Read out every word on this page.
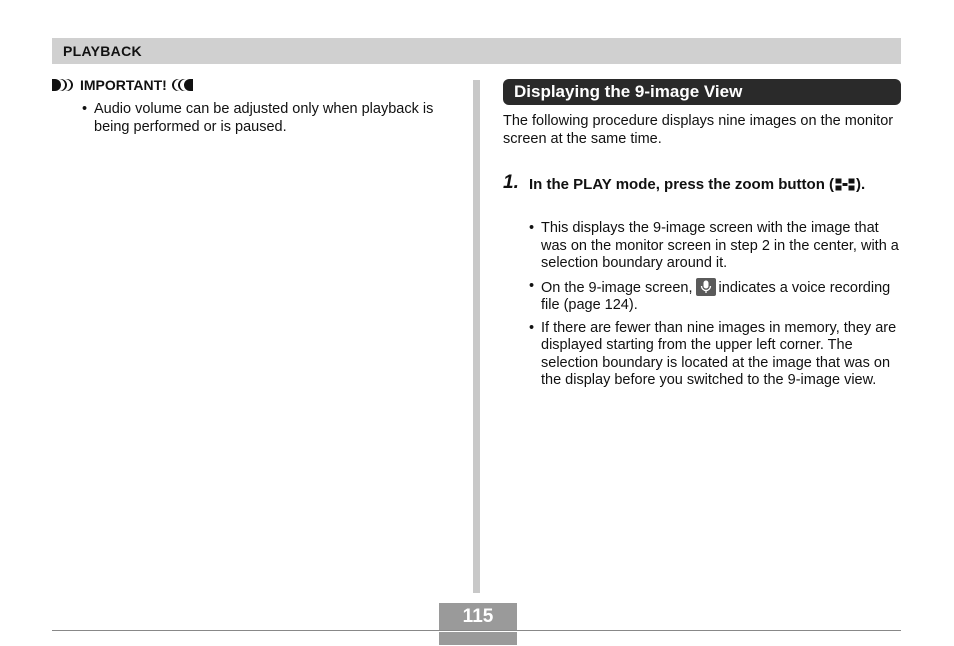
PLAYBACK
IMPORTANT!
• Audio volume can be adjusted only when playback is being performed or is paused.
Displaying the 9-image View

The following procedure displays nine images on the monitor screen at the same time.

1. In the PLAY mode, press the zoom button ( ).
• This displays the 9-image screen with the image that was on the monitor screen in step 2 in the center, with a selection boundary around it.
• On the 9-image screen, indicates a voice recording file (page 124).
• If there are fewer than nine images in memory, they are displayed starting from the upper left corner. The selection boundary is located at the image that was on the display before you switched to the 9-image view.
115
